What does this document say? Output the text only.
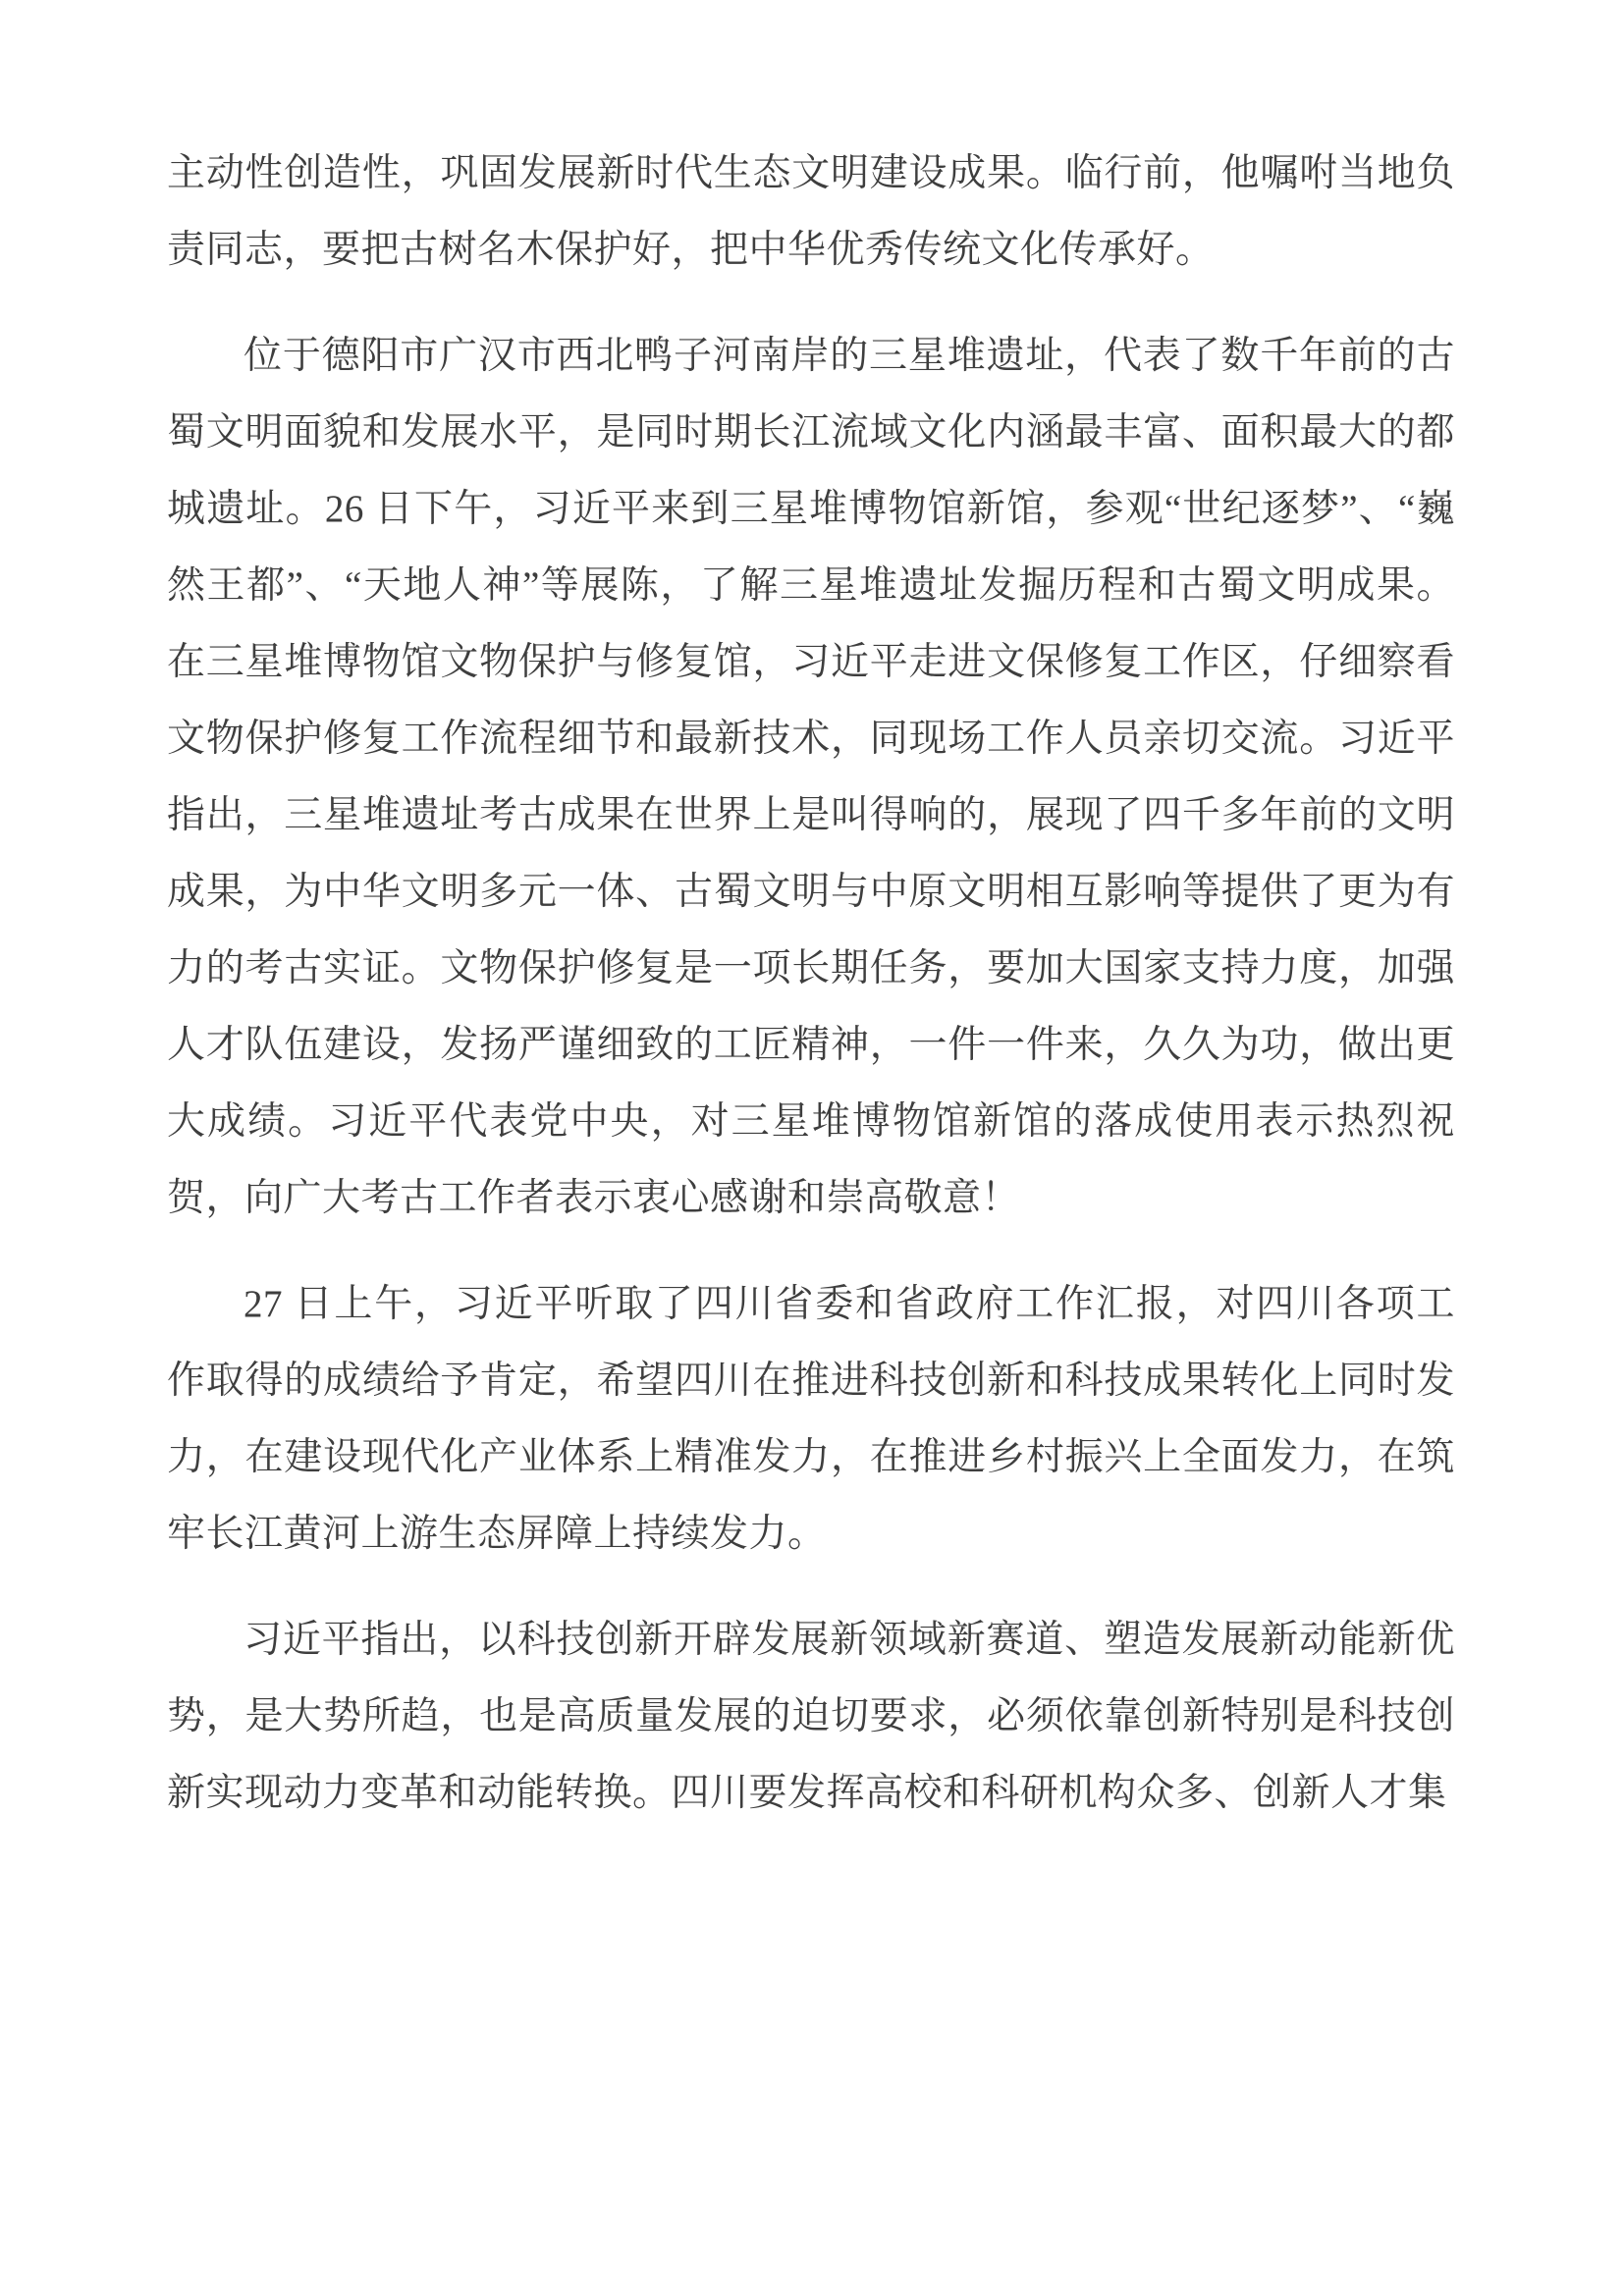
主动性创造性，巩固发展新时代生态文明建设成果。临行前，他嘱咐当地负责同志，要把古树名木保护好，把中华优秀传统文化传承好。

位于德阳市广汉市西北鸭子河南岸的三星堆遗址，代表了数千年前的古蜀文明面貌和发展水平，是同时期长江流域文化内涵最丰富、面积最大的都城遗址。26 日下午，习近平来到三星堆博物馆新馆，参观“世纪逐梦”、“巍然王都”、“天地人神”等展陈，了解三星堆遗址发掘历程和古蜀文明成果。在三星堆博物馆文物保护与修复馆，习近平走进文保修复工作区，仔细察看文物保护修复工作流程细节和最新技术，同现场工作人员亲切交流。习近平指出，三星堆遗址考古成果在世界上是叫得响的，展现了四千多年前的文明成果，为中华文明多元一体、古蜀文明与中原文明相互影响等提供了更为有力的考古实证。文物保护修复是一项长期任务，要加大国家支持力度，加强人才队伍建设，发扬严谨细致的工匠精神，一件一件来，久久为功，做出更大成绩。习近平代表党中央，对三星堆博物馆新馆的落成使用表示热烈祝贺，向广大考古工作者表示衷心感谢和崇高敬意！

27 日上午，习近平听取了四川省委和省政府工作汇报，对四川各项工作取得的成绩给予肯定，希望四川在推进科技创新和科技成果转化上同时发力，在建设现代化产业体系上精准发力，在推进乡村振兴上全面发力，在筑牢长江黄河上游生态屏障上持续发力。

习近平指出，以科技创新开辟发展新领域新赛道、塑造发展新动能新优势，是大势所趋，也是高质量发展的迫切要求，必须依靠创新特别是科技创新实现动力变革和动能转换。四川要发挥高校和科研机构众多、创新人才集
